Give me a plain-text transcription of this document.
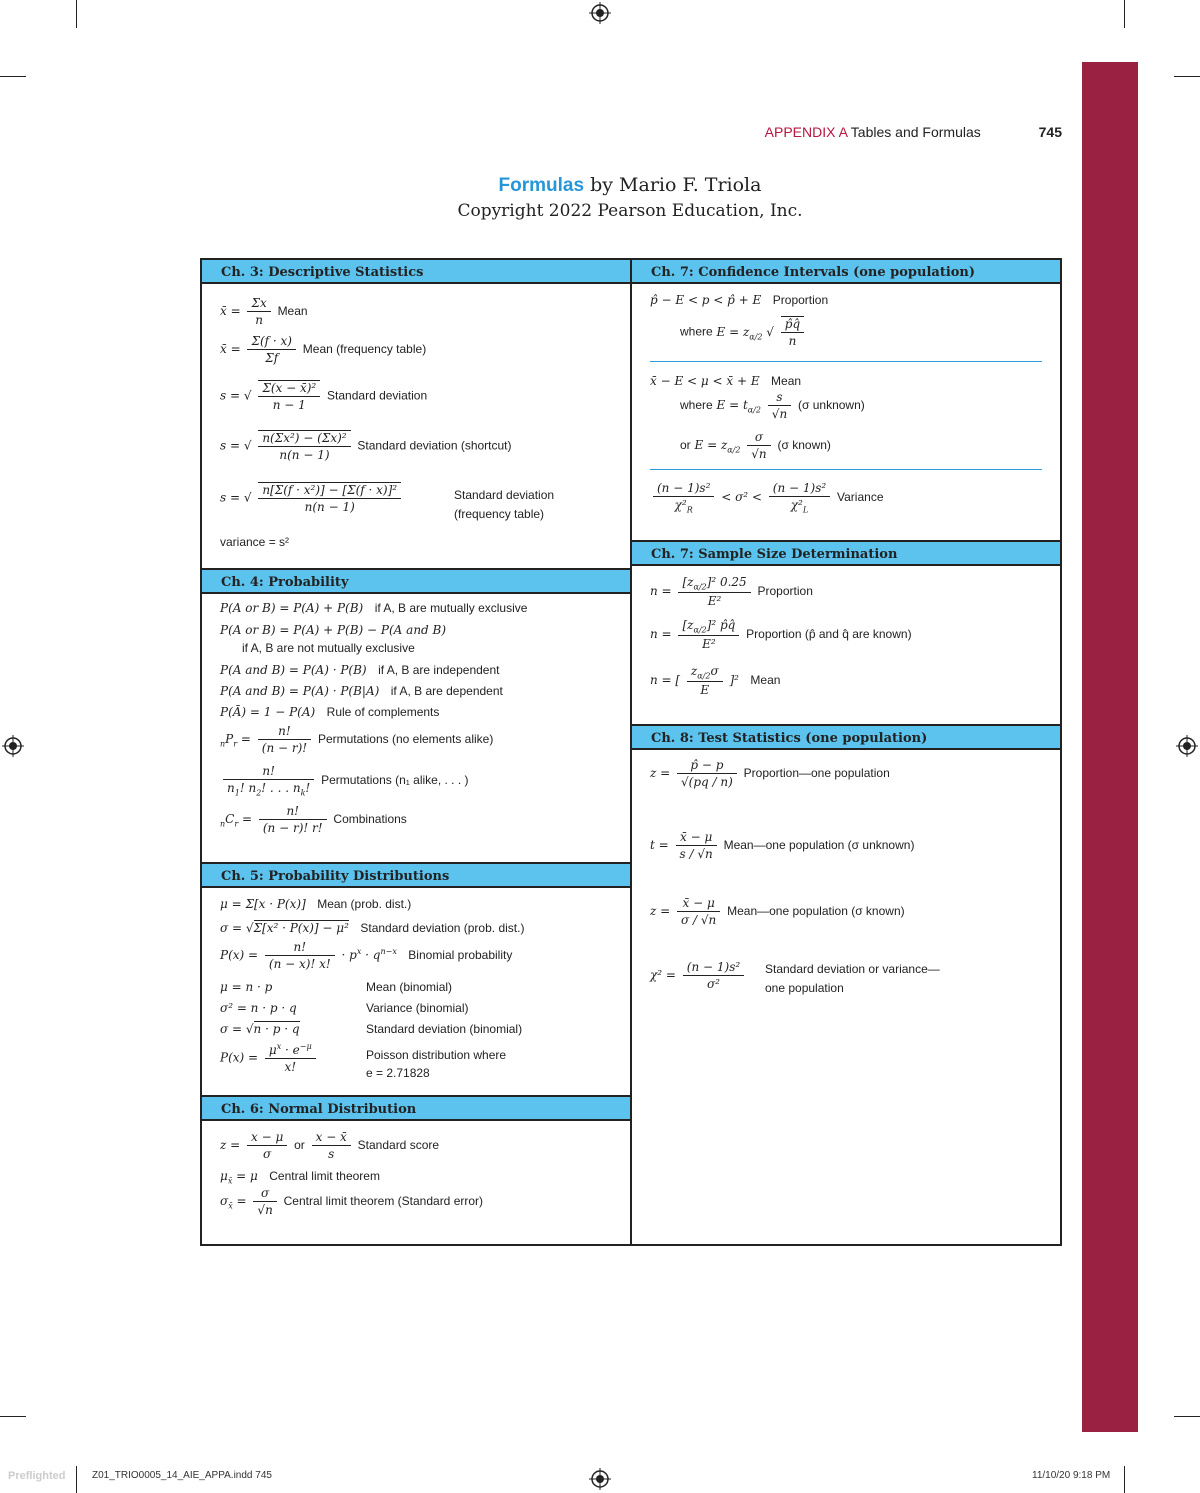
APPENDIX A Tables and Formulas	745
Formulas by Mario F. Triola
Copyright 2022 Pearson Education, Inc.
Ch. 3: Descriptive Statistics
x̄ = $\frac{\Sigma x}{n}$ Mean
x̄ = $\frac{\Sigma(f \cdot x)}{\Sigma f}$ Mean (frequency table)
s = √ $\frac{\text{Σ(x − x̄)²}}{n - 1}$ Standard deviation
s = √ $\frac{\text{n(Σx²) − (Σx)²}}{n(n - 1)}$ Standard deviation (shortcut)
s = √ $\frac{\text{n[Σ(f · x²)] − [Σ(f · x)]²}}{n(n - 1)}$	Standard deviation
(frequency table)
variance = s²
Ch. 4: Probability
P(A or B) = P(A) + P(B) if A, B are mutually exclusive
P(A or B) = P(A) + P(B) − P(A and B)
if A, B are not mutually exclusive
P(A and B) = P(A) · P(B) if A, B are independent
P(A and B) = P(A) · P(B|A) if A, B are dependent
P(Ā) = 1 − P(A) Rule of complements
$_nP_r = \frac{n!}{(n - r)!}$ Permutations (no elements alike)
$\frac{n!}{n_1! n_2! . . . n_k!}$ Permutations (n₁ alike, . . . )
$_nC_r = \frac{n!}{(n - r)! r!}$ Combinations
Ch. 5: Probability Distributions
μ = Σ[x · P(x)] Mean (prob. dist.)
σ = √Σ[x² · P(x)] − μ² Standard deviation (prob. dist.)
$P(x) = \frac{n!}{(n - x)! x!} \cdot p^x \cdot q^{n-x}$ Binomial probability
μ = n · p	Mean (binomial)
σ² = n · p · q	Variance (binomial)
σ = √n · p · q	Standard deviation (binomial)
$P(x) = \frac{\mu^x \cdot e^{-\mu}}{x!}$	Poisson distribution where
e = 2.71828
Ch. 6: Normal Distribution
$z = \frac{x - \mu}{\sigma}$ or $\frac{x - x̄}{s}$ Standard score
$\mu_{x̄} = \mu$ Central limit theorem
$\sigma_{x̄} = \frac{\sigma}{√n}$ Central limit theorem (Standard error)
Ch. 7: Confidence Intervals (one population)
p̂ − E < p < p̂ + E Proportion
where $E = z_{\alpha/2}$ √ $\frac{p̂q̂}{n}$
x̄ − E < μ < x̄ + E Mean
where $E = t_{\alpha/2} \frac{s}{√n} (\sigma$ unknown)
or $E = z_{\alpha/2} \frac{\sigma}{√n} (\sigma$ known)
$\frac{\text{(n − 1)s²}}{\chi^2_R} < \sigma^2 < \frac{\text{(n − 1)s²}}{\chi^2_L}$ Variance
Ch. 7: Sample Size Determination
$n = \frac{[z_{\alpha/2}]^2 0.25}{\text{E²}}$ Proportion
$n = \frac{[z_{\alpha/2}]^2 p̂q̂}{\text{E²}}$ Proportion (p̂ and q̂ are known)
n = [ $\frac{z_{\alpha/2}\sigma}{E} ]^2$ Mean
Ch. 8: Test Statistics (one population)
$z = \frac{p̂ - p}{√(pq / n)}$ Proportion—one population
$t = \frac{x̄ - \mu}{s / √n}$ Mean—one population (σ unknown)
$z = \frac{x̄ - \mu}{\sigma / √n}$ Mean—one population (σ known)
$\chi^2 = \frac{\text{(n − 1)s²}}{\text{σ²}}$ Standard deviation or variance—
one population
Preflighted	Z01_TRIO0005_14_AIE_APPA.indd 745	11/10/20 9:18 PM
